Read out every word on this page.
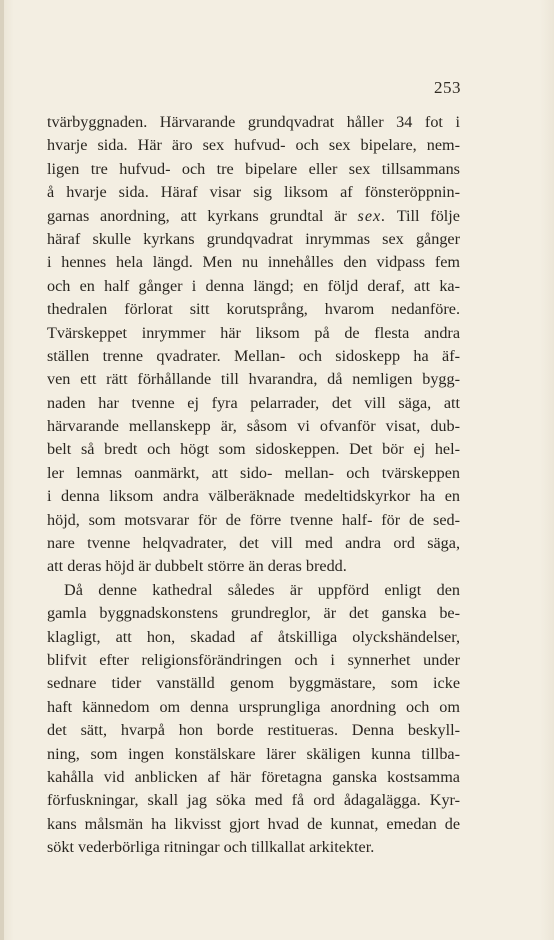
253
tvärbyggnaden. Härvarande grundqvadrat håller 34 fot i
hvarje sida. Här äro sex hufvud- och sex bipelare, nem-
ligen tre hufvud- och tre bipelare eller sex tillsammans
å hvarje sida. Häraf visar sig liksom af fönsteröppnin-
garnas anordning, att kyrkans grundtal är sex. Till följe
häraf skulle kyrkans grundqvadrat inrymmas sex gånger
i hennes hela längd. Men nu innehålles den vidpass fem
och en half gånger i denna längd; en följd deraf, att ka-
thedralen förlorat sitt korutsprång, hvarom nedanföre.
Tvärskeppet inrymmer här liksom på de flesta andra
ställen trenne qvadrater. Mellan- och sidoskepp ha äf-
ven ett rätt förhållande till hvarandra, då nemligen bygg-
naden har tvenne ej fyra pelarrader, det vill säga, att
härvarande mellanskepp är, såsom vi ofvanför visat, dub-
belt så bredt och högt som sidoskeppen. Det bör ej hel-
ler lemnas oanmärkt, att sido- mellan- och tvärskeppen
i denna liksom andra välberäknade medeltidskyrkor ha en
höjd, som motsvarar för de förre tvenne half- för de sed-
nare tvenne helqvadrater, det vill med andra ord säga,
att deras höjd är dubbelt större än deras bredd.
Då denne kathedral således är uppförd enligt den
gamla byggnadskonstens grundreglor, är det ganska be-
klagligt, att hon, skadad af åtskilliga olyckshändelser,
blifvit efter religionsförändringen och i synnerhet under
sednare tider vanställd genom byggmästare, som icke
haft kännedom om denna ursprungliga anordning och om
det sätt, hvarpå hon borde restitueras. Denna beskyll-
ning, som ingen konstälskare lärer skäligen kunna tillba-
kahålla vid anblicken af här företagna ganska kostsamma
förfuskningar, skall jag söka med få ord ådagalägga. Kyr-
kans målsmän ha likvisst gjort hvad de kunnat, emedan de
sökt vederbörliga ritningar och tillkallat arkitekter.
